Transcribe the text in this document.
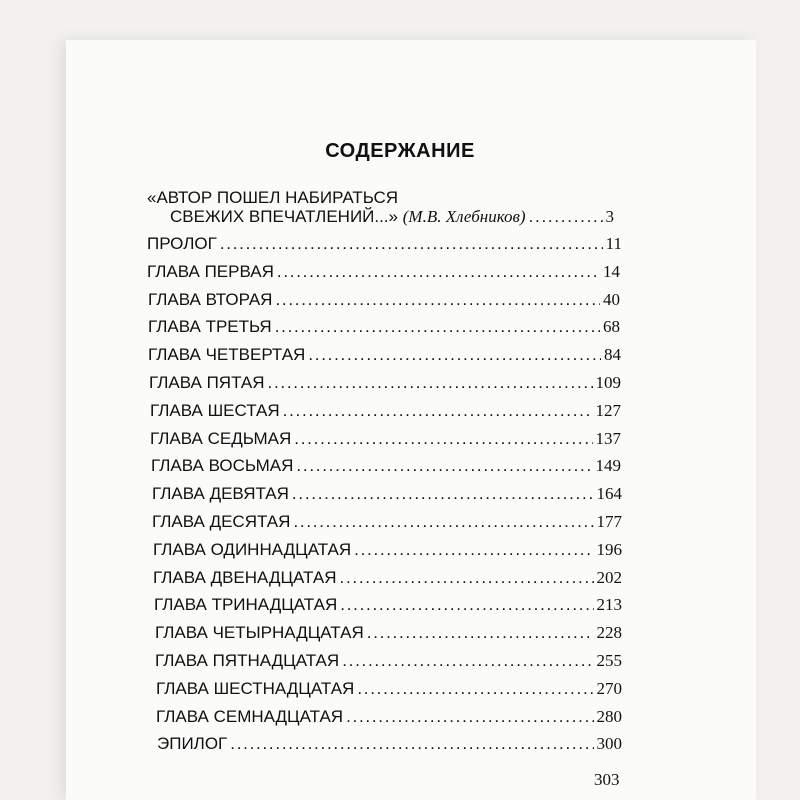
СОДЕРЖАНИЕ
«АВТОР ПОШЕЛ НАБИРАТЬСЯ
СВЕЖИХ ВПЕЧАТЛЕНИЙ...» (М.В. Хлебников) . . .	3
ПРОЛОГ . . .	11
ГЛАВА ПЕРВАЯ . . .	14
ГЛАВА ВТОРАЯ . . .	40
ГЛАВА ТРЕТЬЯ . . .	68
ГЛАВА ЧЕТВЕРТАЯ . . .	84
ГЛАВА ПЯТАЯ . . .	109
ГЛАВА ШЕСТАЯ . . .	127
ГЛАВА СЕДЬМАЯ . . .	137
ГЛАВА ВОСЬМАЯ . . .	149
ГЛАВА ДЕВЯТАЯ . . .	164
ГЛАВА ДЕСЯТАЯ . . .	177
ГЛАВА ОДИННАДЦАТАЯ . . .	196
ГЛАВА ДВЕНАДЦАТАЯ . . .	202
ГЛАВА ТРИНАДЦАТАЯ . . .	213
ГЛАВА ЧЕТЫРНАДЦАТАЯ . . .	228
ГЛАВА ПЯТНАДЦАТАЯ . . .	255
ГЛАВА ШЕСТНАДЦАТАЯ . . .	270
ГЛАВА СЕМНАДЦАТАЯ . . .	280
ЭПИЛОГ . . .	300
303
